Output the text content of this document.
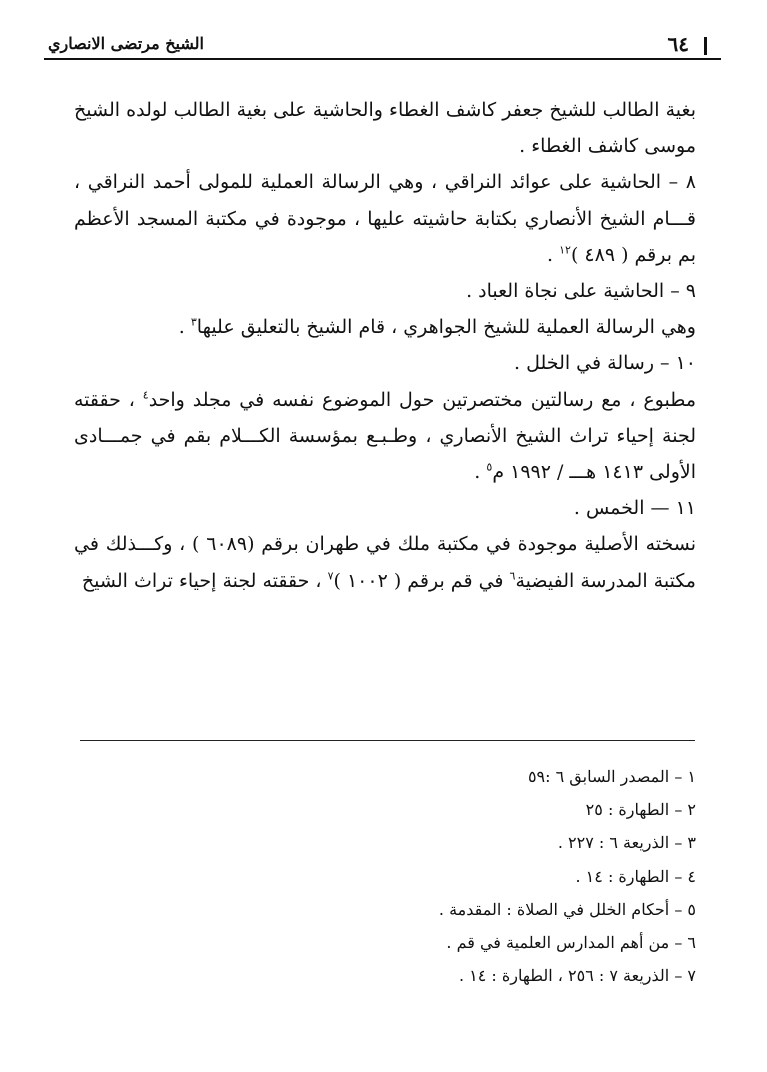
الشيخ مرتضى الانصاري	٦٤

بغية الطالب للشيخ جعفر كاشف الغطاء والحاشية على بغية الطالب لولده الشيخ موسى كاشف الغطاء .

٨ – الحاشية على عوائد النراقي ، وهي الرسالة العملية للمولى أحمد النراقي ، قـــام الشيخ الأنصاري بكتابة حاشيته عليها ، موجودة في مكتبة المسجد الأعظم بم برقم ( ٤٨٩ )$^{١٢}$ .

٩ – الحاشية على نجاة العباد .

وهي الرسالة العملية للشيخ الجواهري ، قام الشيخ بالتعليق عليها$^٣$ .

١٠ – رسالة في الخلل .

مطبوع ، مع رسالتين مختصرتين حول الموضوع نفسه في مجلد واحد$^٤$ ، حققته لجنة إحياء تراث الشيخ الأنصاري ، وطـبـع بمؤسسة الكـــلام بقم في جمـــادى الأولى ١٤١٣ هـــ / ١٩٩٢ م$^٥$ .

١١ — الخمس .

نسخته الأصلية موجودة في مكتبة ملك في طهران برقم (٦٠٨٩ ) ، وكـــذلك في مكتبة المدرسة الفيضية$^٦$ في قم برقم ( ١٠٠٢ )$^٧$ ، حققته لجنة إحياء تراث الشيخ

١ – المصدر السابق ٦ :٥٩
٢ – الطهارة : ٢٥
٣ – الذريعة ٦ : ٢٢٧ .
٤ – الطهارة : ١٤ .
٥ – أحكام الخلل في الصلاة : المقدمة .
٦ – من أهم المدارس العلمية في قم .
٧ – الذريعة ٧ : ٢٥٦ ، الطهارة : ١٤ .
